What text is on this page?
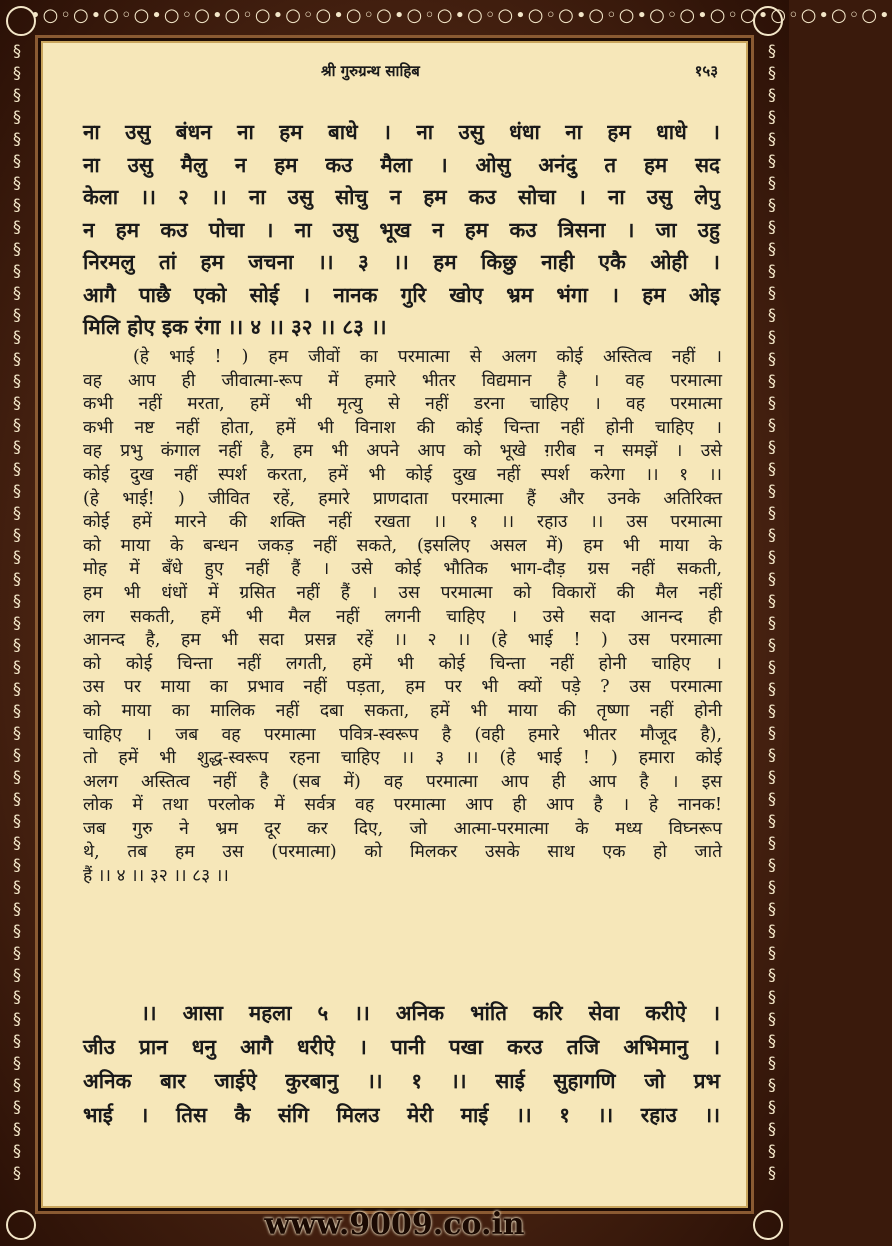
•○◦○•○◦○•○◦○•○◦○•○◦○•○◦○•○◦○•○◦○•○◦○•○◦○•○◦○•○◦○•○◦○•○◦○•
§
§
§
§
§
§
§
§
§
§
§
§
§
§
§
§
§
§
§
§
§
§
§
§
§
§
§
§
§
§
§
§
§
§
§
§
§
§
§
§
§
§
§
§
§
§
§
§
§
§
§
§
§
§
§
§
§
§
§
§
§
§
§
§
§
§
§
§
§
§
§
§
§
§
§
§
§
§
§
§
§
§
§
§
§
§
§
§
§
§
§
§
§
§
§
§
§
§
§
§
§
§
§
§
श्री गुरुग्रन्थ साहिब	१५३
ना उसु बंधन ना हम बाधे । ना उसु धंधा ना हम धाधे ।
ना उसु मैलु न हम कउ मैला । ओसु अनंदु त हम सद
केला ।। २ ।। ना उसु सोचु न हम कउ सोचा । ना उसु लेपु
न हम कउ पोचा । ना उसु भूख न हम कउ त्रिसना । जा उहु
निरमलु तां हम जचना ।। ३ ।। हम किछु नाही एकै ओही ।
आगै पाछै एको सोई । नानक गुरि खोए भ्रम भंगा । हम ओइ
मिलि होए इक रंगा ।। ४ ।। ३२ ।। ८३ ।।
(हे भाई ! ) हम जीवों का परमात्मा से अलग कोई अस्तित्व नहीं ।
वह आप ही जीवात्मा-रूप में हमारे भीतर विद्यमान है । वह परमात्मा
कभी नहीं मरता, हमें भी मृत्यु से नहीं डरना चाहिए । वह परमात्मा
कभी नष्ट नहीं होता, हमें भी विनाश की कोई चिन्ता नहीं होनी चाहिए ।
वह प्रभु कंगाल नहीं है, हम भी अपने आप को भूखे ग़रीब न समझें । उसे
कोई दुख नहीं स्पर्श करता, हमें भी कोई दुख नहीं स्पर्श करेगा ।। १ ।।
(हे भाई! ) जीवित रहें, हमारे प्राणदाता परमात्मा हैं और उनके अतिरिक्त
कोई हमें मारने की शक्ति नहीं रखता ।। १ ।। रहाउ ।। उस परमात्मा
को माया के बन्धन जकड़ नहीं सकते, (इसलिए असल में) हम भी माया के
मोह में बँधे हुए नहीं हैं । उसे कोई भौतिक भाग-दौड़ ग्रस नहीं सकती,
हम भी धंधों में ग्रसित नहीं हैं । उस परमात्मा को विकारों की मैल नहीं
लग सकती, हमें भी मैल नहीं लगनी चाहिए । उसे सदा आनन्द ही
आनन्द है, हम भी सदा प्रसन्न रहें ।। २ ।। (हे भाई ! ) उस परमात्मा
को कोई चिन्ता नहीं लगती, हमें भी कोई चिन्ता नहीं होनी चाहिए ।
उस पर माया का प्रभाव नहीं पड़ता, हम पर भी क्यों पड़े ? उस परमात्मा
को माया का मालिक नहीं दबा सकता, हमें भी माया की तृष्णा नहीं होनी
चाहिए । जब वह परमात्मा पवित्र-स्वरूप है (वही हमारे भीतर मौजूद है),
तो हमें भी शुद्ध-स्वरूप रहना चाहिए ।। ३ ।। (हे भाई ! ) हमारा कोई
अलग अस्तित्व नहीं है (सब में) वह परमात्मा आप ही आप है । इस
लोक में तथा परलोक में सर्वत्र वह परमात्मा आप ही आप है । हे नानक!
जब गुरु ने भ्रम दूर कर दिए, जो आत्मा-परमात्मा के मध्य विघ्नरूप
थे, तब हम उस (परमात्मा) को मिलकर उसके साथ एक हो जाते
हैं ।। ४ ।। ३२ ।। ८३ ।।
।। आसा महला ५ ।। अनिक भांति करि सेवा करीऐ ।
जीउ प्रान धनु आगै धरीऐ । पानी पखा करउ तजि अभिमानु ।
अनिक बार जाईऐ कुरबानु ।। १ ।। साई सुहागणि जो प्रभ
भाई । तिस कै संगि मिलउ मेरी माई ।। १ ।। रहाउ ।।
www.9009.co.in
